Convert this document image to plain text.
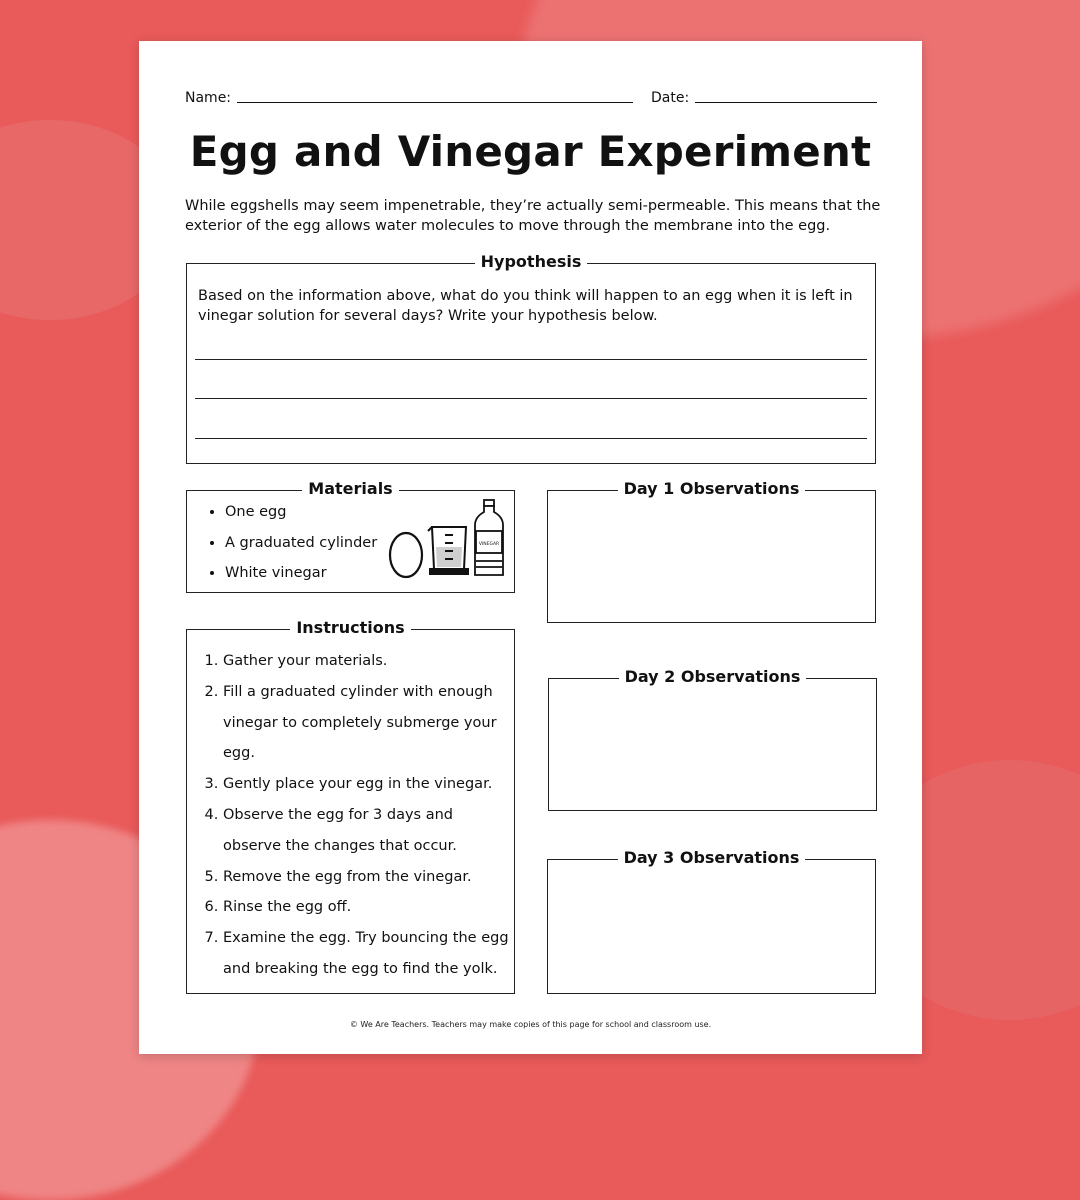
Name:	Date:
Egg and Vinegar Experiment
While eggshells may seem impenetrable, they’re actually semi-permeable. This means that the exterior of the egg allows water molecules to move through the membrane into the egg.
Hypothesis
Based on the information above, what do you think will happen to an egg when it is left in vinegar solution for several days? Write your hypothesis below.
Materials
• One egg
• A graduated cylinder
• White vinegar
VINEGAR
Instructions
1. Gather your materials.
2. Fill a graduated cylinder with enough vinegar to completely submerge your egg.
3. Gently place your egg in the vinegar.
4. Observe the egg for 3 days and observe the changes that occur.
5. Remove the egg from the vinegar.
6. Rinse the egg off.
7. Examine the egg. Try bouncing the egg and breaking the egg to find the yolk.
Day 1 Observations
Day 2 Observations
Day 3 Observations
© We Are Teachers. Teachers may make copies of this page for school and classroom use.
